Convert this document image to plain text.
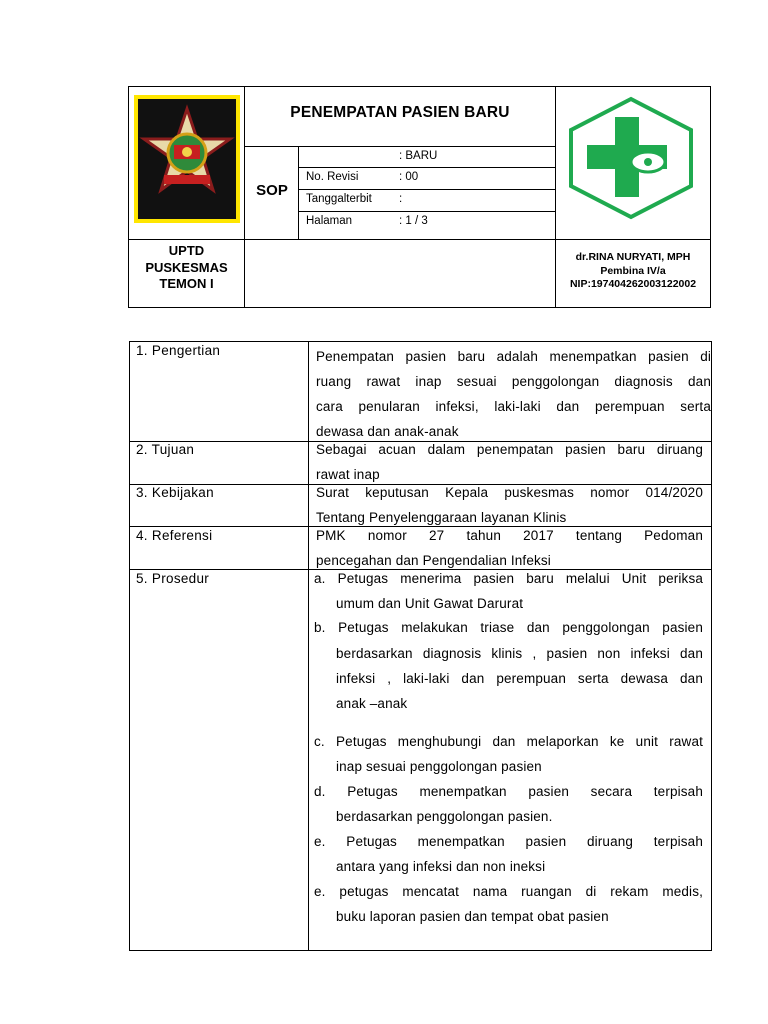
PENEMPATAN PASIEN BARU
SOP
: BARU
No. Revisi	: 00
Tanggalterbit :
Halaman	: 1 / 3
UPTD
PUSKESMAS
TEMON I
dr.RINA NURYATI, MPH
Pembina IV/a
NIP:197404262003122002
1. Pengertian
2. Tujuan
3. Kebijakan
4. Referensi
5. Prosedur
Penempatan pasien baru adalah menempatkan pasien di
ruang rawat inap sesuai penggolongan diagnosis dan
cara penularan infeksi, laki-laki dan perempuan serta
dewasa dan anak-anak
Sebagai acuan dalam penempatan pasien baru diruang
rawat inap
Surat keputusan Kepala puskesmas nomor 014/2020
Tentang Penyelenggaraan layanan Klinis
PMK nomor 27 tahun 2017 tentang Pedoman
pencegahan dan Pengendalian Infeksi
a. Petugas menerima pasien baru melalui Unit periksa
umum dan Unit Gawat Darurat
b. Petugas melakukan triase dan penggolongan pasien
berdasarkan diagnosis klinis , pasien non infeksi dan
infeksi , laki-laki dan perempuan serta dewasa dan
anak –anak
c. Petugas menghubungi dan melaporkan ke unit rawat
inap sesuai penggolongan pasien
d. Petugas menempatkan pasien secara terpisah
berdasarkan penggolongan pasien.
e. Petugas menempatkan pasien diruang terpisah
antara yang infeksi dan non ineksi
e. petugas mencatat nama ruangan di rekam medis,
buku laporan pasien dan tempat obat pasien
